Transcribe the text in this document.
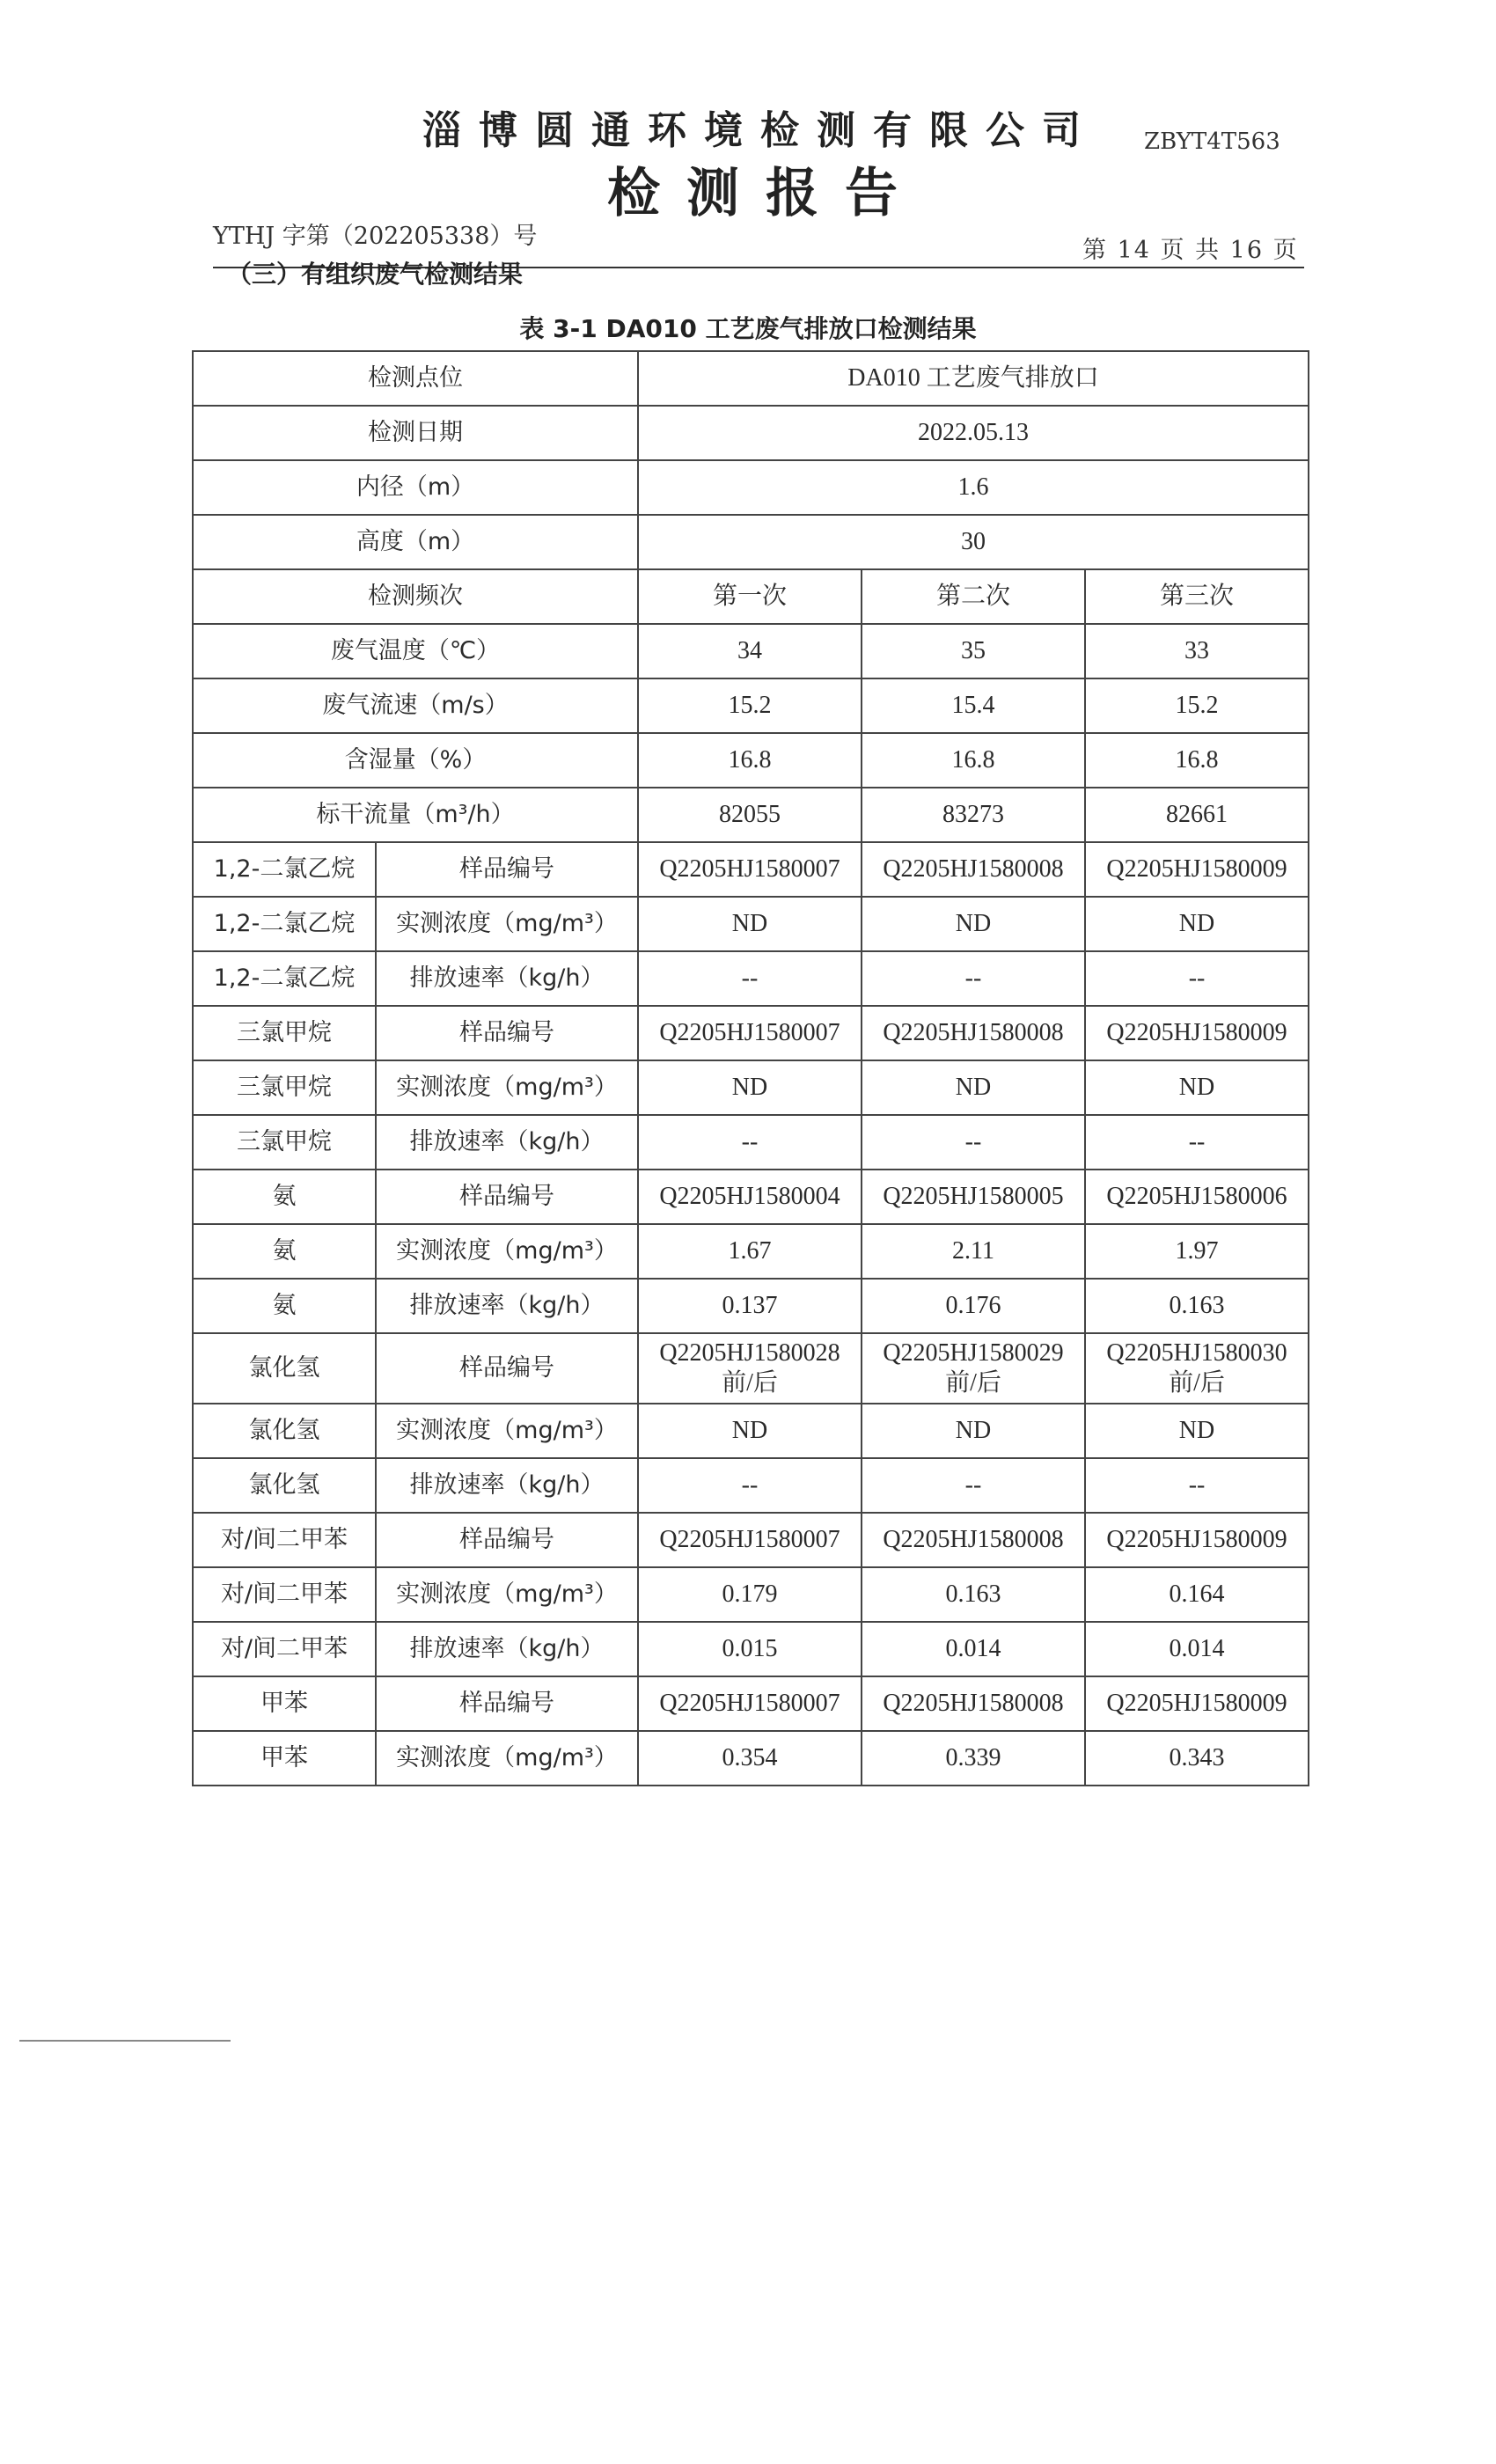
淄博圆通环境检测有限公司 ZBYT4T563
检测报告
YTHJ 字第（202205338）号
第 14 页 共 16 页
（三）有组织废气检测结果
表 3-1 DA010 工艺废气排放口检测结果
检测点位		DA010 工艺废气排放口		
检测日期		2022.05.13		
内径（m）		1.6		
高度（m）		30		
检测频次		第一次	第二次	第三次
废气温度（℃）		34	35	33
废气流速（m/s）		15.2	15.4	15.2
含湿量（%）		16.8	16.8	16.8
标干流量（m³/h）		82055	83273	82661
1,2-二氯乙烷	样品编号	Q2205HJ1580007	Q2205HJ1580008	Q2205HJ1580009
1,2-二氯乙烷	实测浓度（mg/m³）	ND	ND	ND
1,2-二氯乙烷	排放速率（kg/h）	--	--	--
三氯甲烷	样品编号	Q2205HJ1580007	Q2205HJ1580008	Q2205HJ1580009
三氯甲烷	实测浓度（mg/m³）	ND	ND	ND
三氯甲烷	排放速率（kg/h）	--	--	--
氨	样品编号	Q2205HJ1580004	Q2205HJ1580005	Q2205HJ1580006
氨	实测浓度（mg/m³）	1.67	2.11	1.97
氨	排放速率（kg/h）	0.137	0.176	0.163
氯化氢	样品编号	Q2205HJ1580028 前/后	Q2205HJ1580029 前/后	Q2205HJ1580030 前/后
氯化氢	实测浓度（mg/m³）	ND	ND	ND
氯化氢	排放速率（kg/h）	--	--	--
对/间二甲苯	样品编号	Q2205HJ1580007	Q2205HJ1580008	Q2205HJ1580009
对/间二甲苯	实测浓度（mg/m³）	0.179	0.163	0.164
对/间二甲苯	排放速率（kg/h）	0.015	0.014	0.014
甲苯	样品编号	Q2205HJ1580007	Q2205HJ1580008	Q2205HJ1580009
甲苯	实测浓度（mg/m³）	0.354	0.339	0.343
